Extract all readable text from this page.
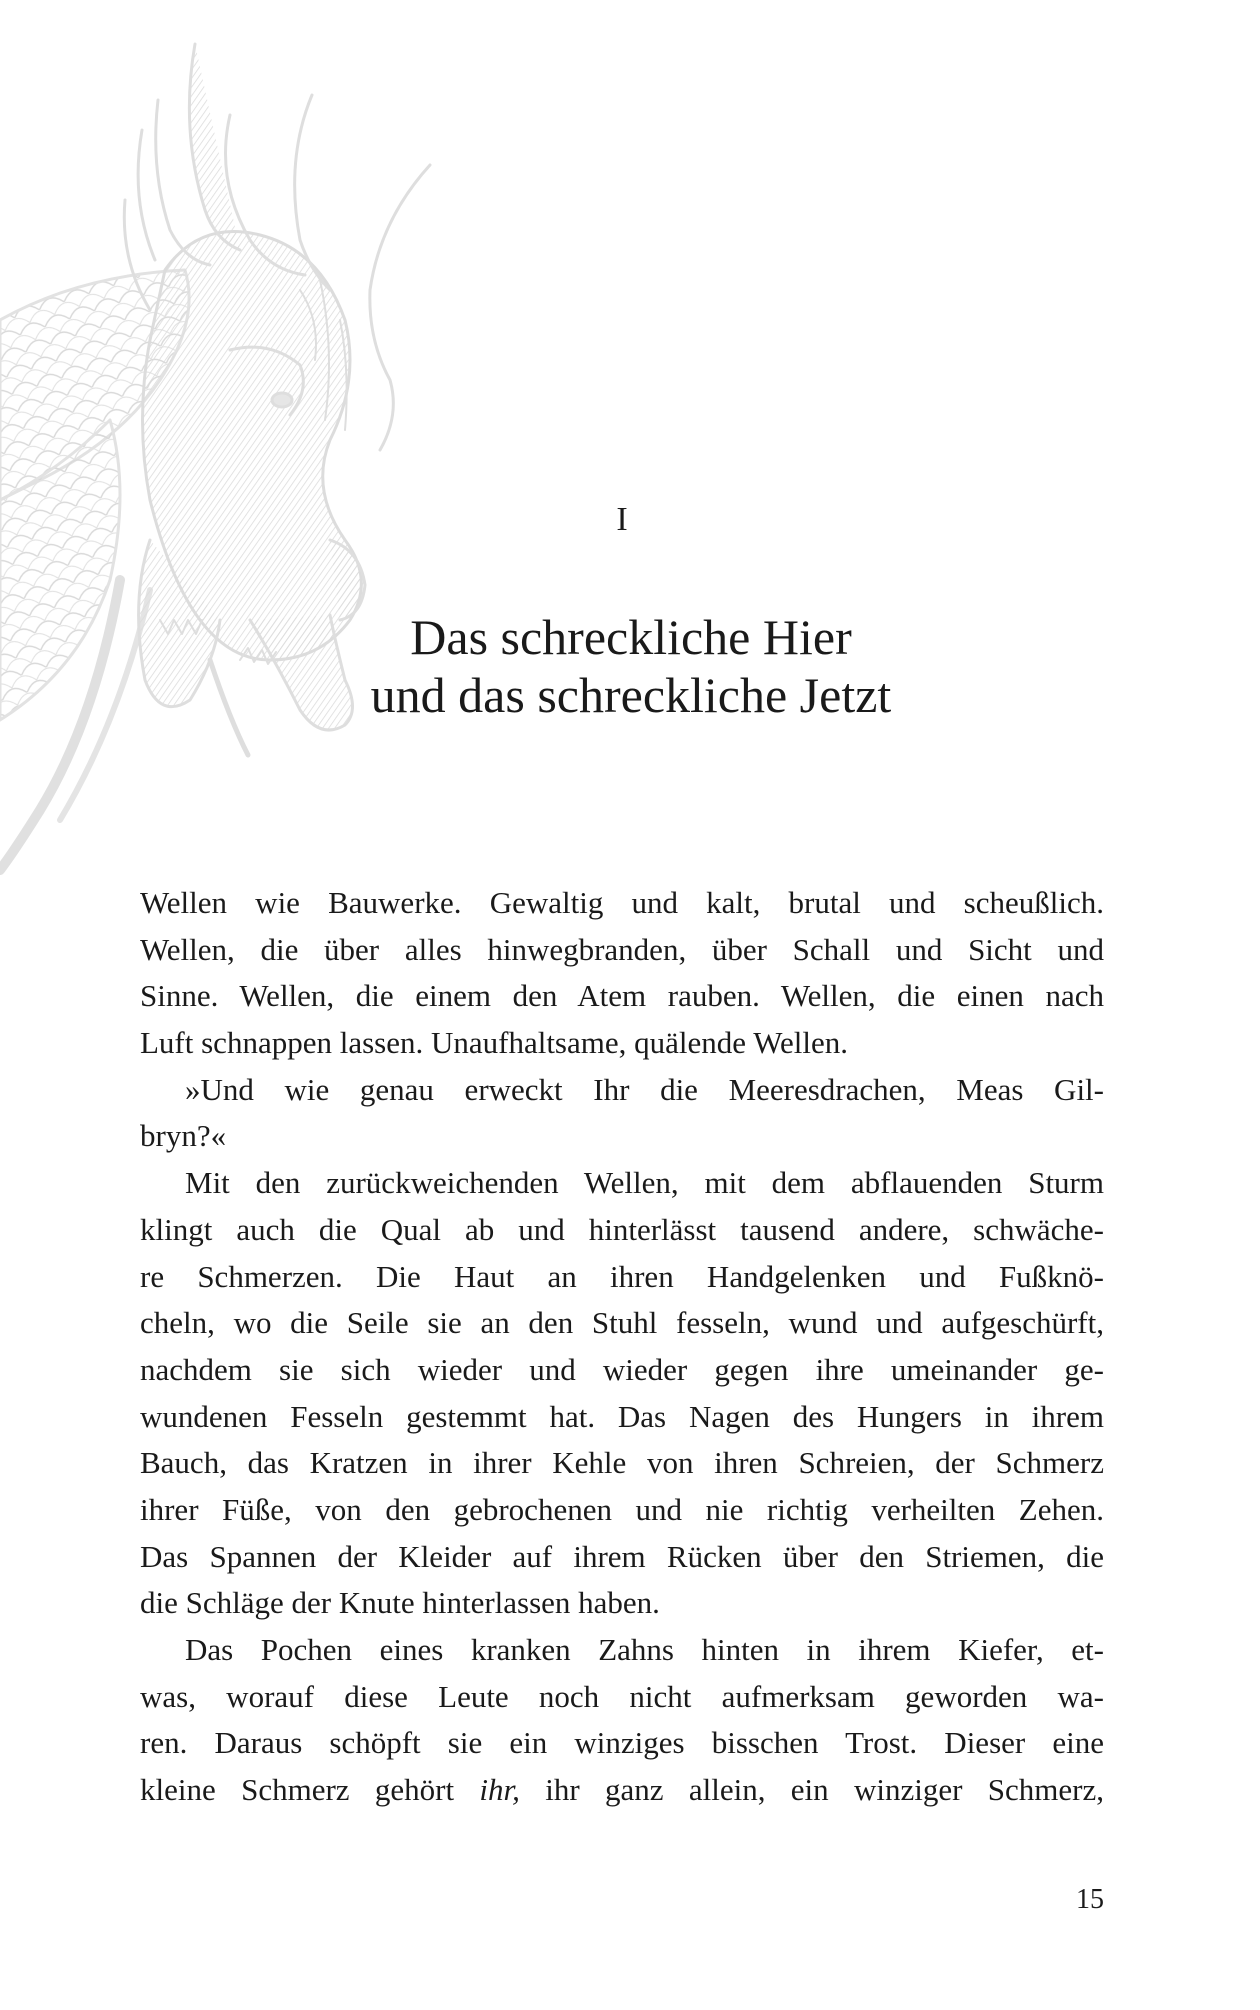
I
Das schreckliche Hier
und das schreckliche Jetzt
Wellen wie Bauwerke. Gewaltig und kalt, brutal und scheußlich.
Wellen, die über alles hinwegbranden, über Schall und Sicht und
Sinne. Wellen, die einem den Atem rauben. Wellen, die einen nach
Luft schnappen lassen. Unaufhaltsame, quälende Wellen.
»Und wie genau erweckt Ihr die Meeresdrachen, Meas Gil-
bryn?«
Mit den zurückweichenden Wellen, mit dem abflauenden Sturm
klingt auch die Qual ab und hinterlässt tausend andere, schwäche-
re Schmerzen. Die Haut an ihren Handgelenken und Fußknö-
cheln, wo die Seile sie an den Stuhl fesseln, wund und aufgeschürft,
nachdem sie sich wieder und wieder gegen ihre umeinander ge-
wundenen Fesseln gestemmt hat. Das Nagen des Hungers in ihrem
Bauch, das Kratzen in ihrer Kehle von ihren Schreien, der Schmerz
ihrer Füße, von den gebrochenen und nie richtig verheilten Zehen.
Das Spannen der Kleider auf ihrem Rücken über den Striemen, die
die Schläge der Knute hinterlassen haben.
Das Pochen eines kranken Zahns hinten in ihrem Kiefer, et-
was, worauf diese Leute noch nicht aufmerksam geworden wa-
ren. Daraus schöpft sie ein winziges bisschen Trost. Dieser eine
kleine Schmerz gehört ihr, ihr ganz allein, ein winziger Schmerz,
15
